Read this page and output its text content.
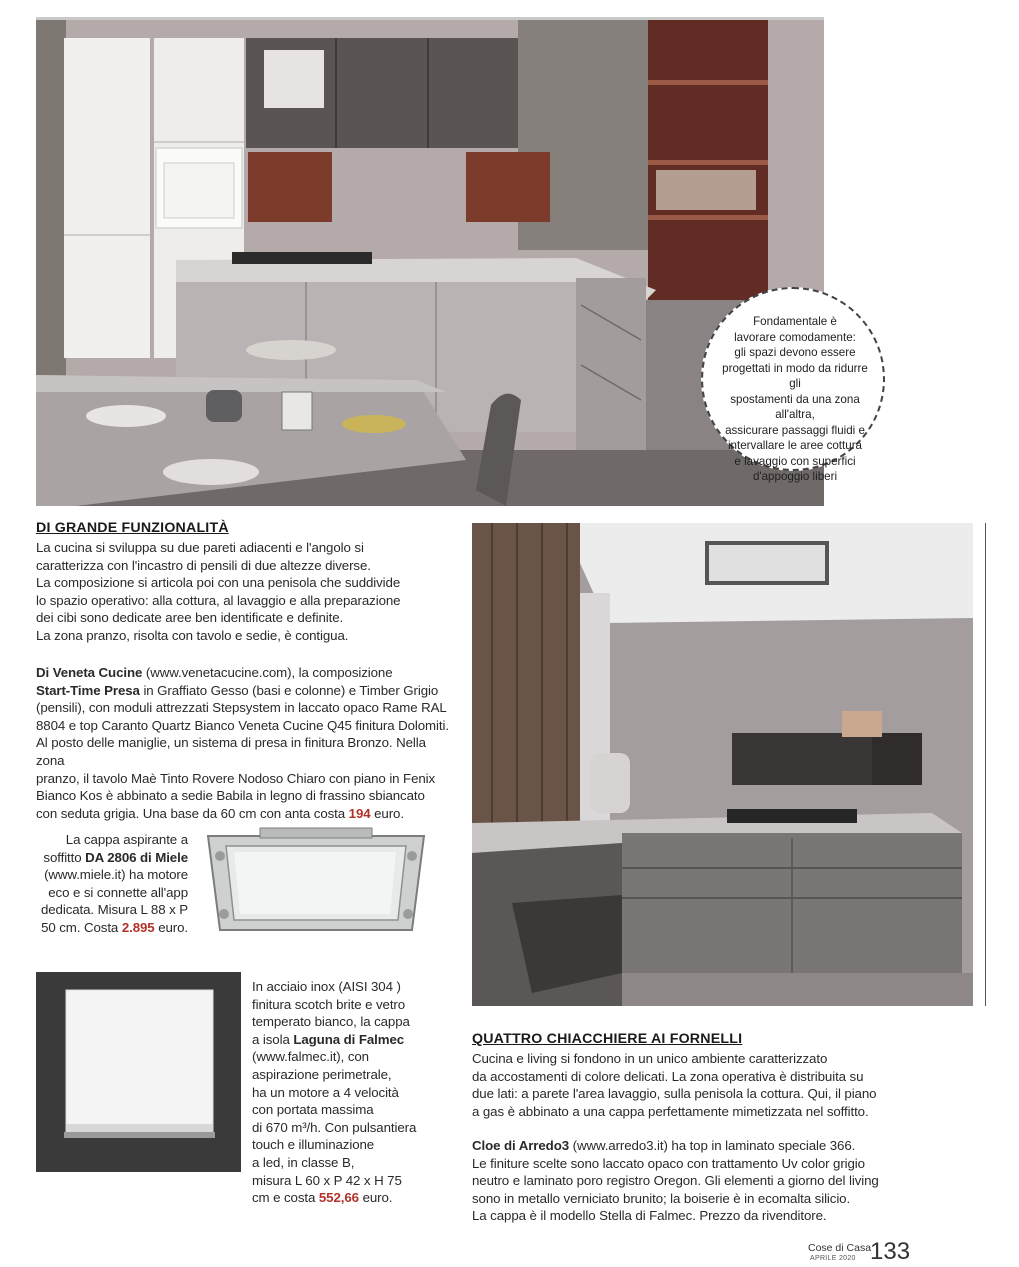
Fondamentale è
lavorare comodamente:
gli spazi devono essere
progettati in modo da ridurre gli
spostamenti da una zona all'altra,
assicurare passaggi fluidi e
intervallare le aree cottura
e lavaggio con superfici
d'appoggio liberi
DI GRANDE FUNZIONALITÀ
La cucina si sviluppa su due pareti adiacenti e l'angolo si
caratterizza con l'incastro di pensili di due altezze diverse.
La composizione si articola poi con una penisola che suddivide
lo spazio operativo: alla cottura, al lavaggio e alla preparazione
dei cibi sono dedicate aree ben identificate e definite.
La zona pranzo, risolta con tavolo e sedie, è contigua.
Di Veneta Cucine (www.venetacucine.com), la composizione
Start-Time Presa in Graffiato Gesso (basi e colonne) e Timber Grigio
(pensili), con moduli attrezzati Stepsystem in laccato opaco Rame RAL
8804 e top Caranto Quartz Bianco Veneta Cucine Q45 finitura Dolomiti.
Al posto delle maniglie, un sistema di presa in finitura Bronzo. Nella zona
pranzo, il tavolo Maè Tinto Rovere Nodoso Chiaro con piano in Fenix
Bianco Kos è abbinato a sedie Babila in legno di frassino sbiancato
con seduta grigia. Una base da 60 cm con anta costa 194 euro.
La cappa aspirante a
soffitto DA 2806 di Miele
(www.miele.it) ha motore
eco e si connette all'app
dedicata. Misura L 88 x P
50 cm. Costa 2.895 euro.
In acciaio inox (AISI 304 )
finitura scotch brite e vetro
temperato bianco, la cappa
a isola Laguna di Falmec
(www.falmec.it), con
aspirazione perimetrale,
ha un motore a 4 velocità
con portata massima
di 670 m³/h. Con pulsantiera
touch e illuminazione
a led, in classe B,
misura L 60 x P 42 x H 75
cm e costa 552,66 euro.
QUATTRO CHIACCHIERE AI FORNELLI
Cucina e living si fondono in un unico ambiente caratterizzato
da accostamenti di colore delicati. La zona operativa è distribuita su
due lati: a parete l'area lavaggio, sulla penisola la cottura. Qui, il piano
a gas è abbinato a una cappa perfettamente mimetizzata nel soffitto.
Cloe di Arredo3 (www.arredo3.it) ha top in laminato speciale 366.
Le finiture scelte sono laccato opaco con trattamento Uv color grigio
neutro e laminato poro registro Oregon. Gli elementi a giorno del living
sono in metallo verniciato brunito; la boiserie è in ecomalta silicio.
La cappa è il modello Stella di Falmec. Prezzo da rivenditore.
Cose di Casa
APRILE 2020 133
